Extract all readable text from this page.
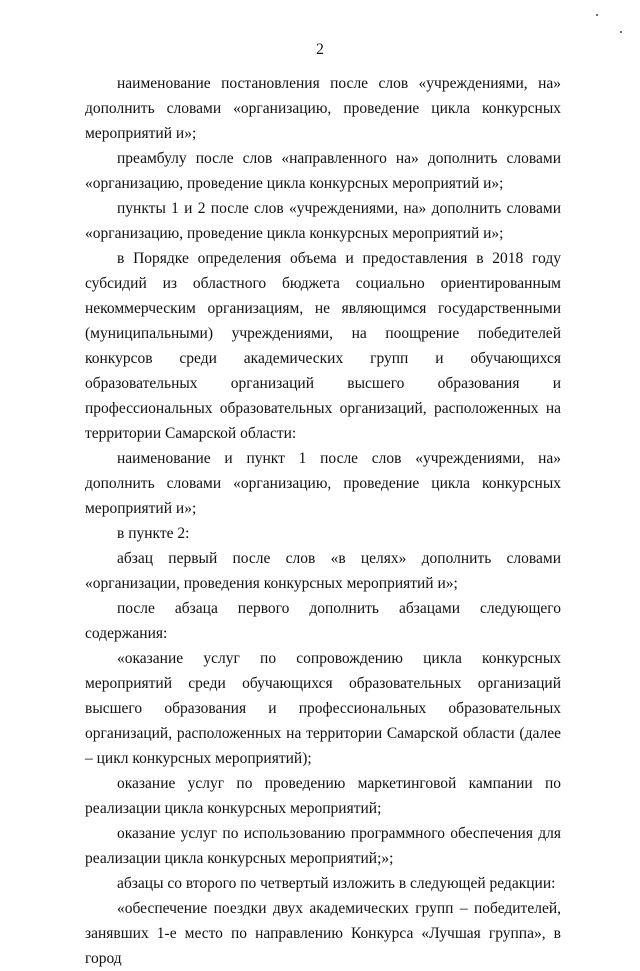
2

наименование постановления после слов «учреждениями, на» дополнить словами «организацию, проведение цикла конкурсных мероприятий и»;

преамбулу после слов «направленного на» дополнить словами «организацию, проведение цикла конкурсных мероприятий и»;

пункты 1 и 2 после слов «учреждениями, на» дополнить словами «организацию, проведение цикла конкурсных мероприятий и»;

в Порядке определения объема и предоставления в 2018 году субсидий из областного бюджета социально ориентированным некоммерческим организациям, не являющимся государственными (муниципальными) учреждениями, на поощрение победителей конкурсов среди академических групп и обучающихся образовательных организаций высшего образования и профессиональных образовательных организаций, расположенных на территории Самарской области:

наименование и пункт 1 после слов «учреждениями, на» дополнить словами «организацию, проведение цикла конкурсных мероприятий и»;

в пункте 2:

абзац первый после слов «в целях» дополнить словами «организации, проведения конкурсных мероприятий и»;

после абзаца первого дополнить абзацами следующего содержания:

«оказание услуг по сопровождению цикла конкурсных мероприятий среди обучающихся образовательных организаций высшего образования и профессиональных образовательных организаций, расположенных на территории Самарской области (далее – цикл конкурсных мероприятий);

оказание услуг по проведению маркетинговой кампании по реализации цикла конкурсных мероприятий;

оказание услуг по использованию программного обеспечения для реализации цикла конкурсных мероприятий;»;

абзацы со второго по четвертый изложить в следующей редакции:

«обеспечение поездки двух академических групп – победителей, занявших 1-е место по направлению Конкурса «Лучшая группа», в город
